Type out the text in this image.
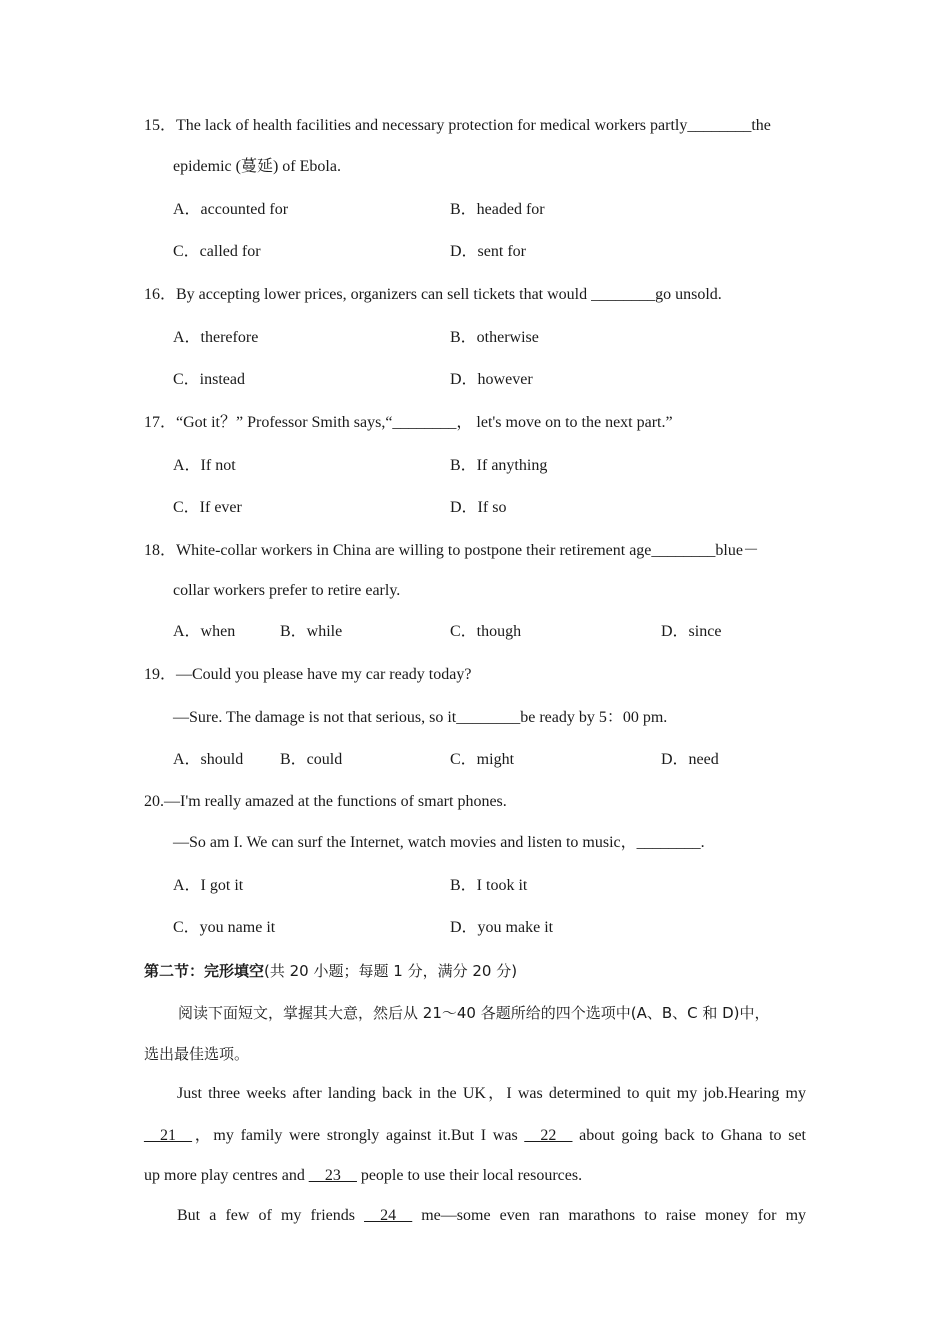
15．The lack of health facilities and necessary protection for medical workers partly________the
epidemic (蔓延) of Ebola.
A．accounted for	B．headed for
C．called for	D．sent for
16．By accepting lower prices, organizers can sell tickets that would ________go unsold.
A．therefore	B．otherwise
C．instead	D．however
17．“Got it？” Professor Smith says,“________， let's move on to the next part.”
A．If not	B．If anything
C．If ever	D．If so
18．White-collar workers in China are willing to postpone their retirement age________blue－
collar workers prefer to retire early.
A．when	B．while	C．though	D．since
19．—Could you please have my car ready today?
—Sure. The damage is not that serious, so it________be ready by 5：00 pm.
A．should B．could	C．might	D．need
20.—I'm really amazed at the functions of smart phones.
—So am I. We can surf the Internet, watch movies and listen to music，________.
A．I got it	B．I took it
C．you name it	D．you make it
第二节：完形填空(共 20 小题；每题 1 分，满分 20 分)
阅读下面短文，掌握其大意，然后从 21～40 各题所给的四个选项中(A、B、C 和 D)中，
选出最佳选项。
Just three weeks after landing back in the UK，I was determined to quit my job.Hearing my
__21__，my family were strongly against it.But I was __22__ about going back to Ghana to set
up more play centres and __23__ people to use their local resources.
But a few of my friends __24__ me—some even ran marathons to raise money for my
